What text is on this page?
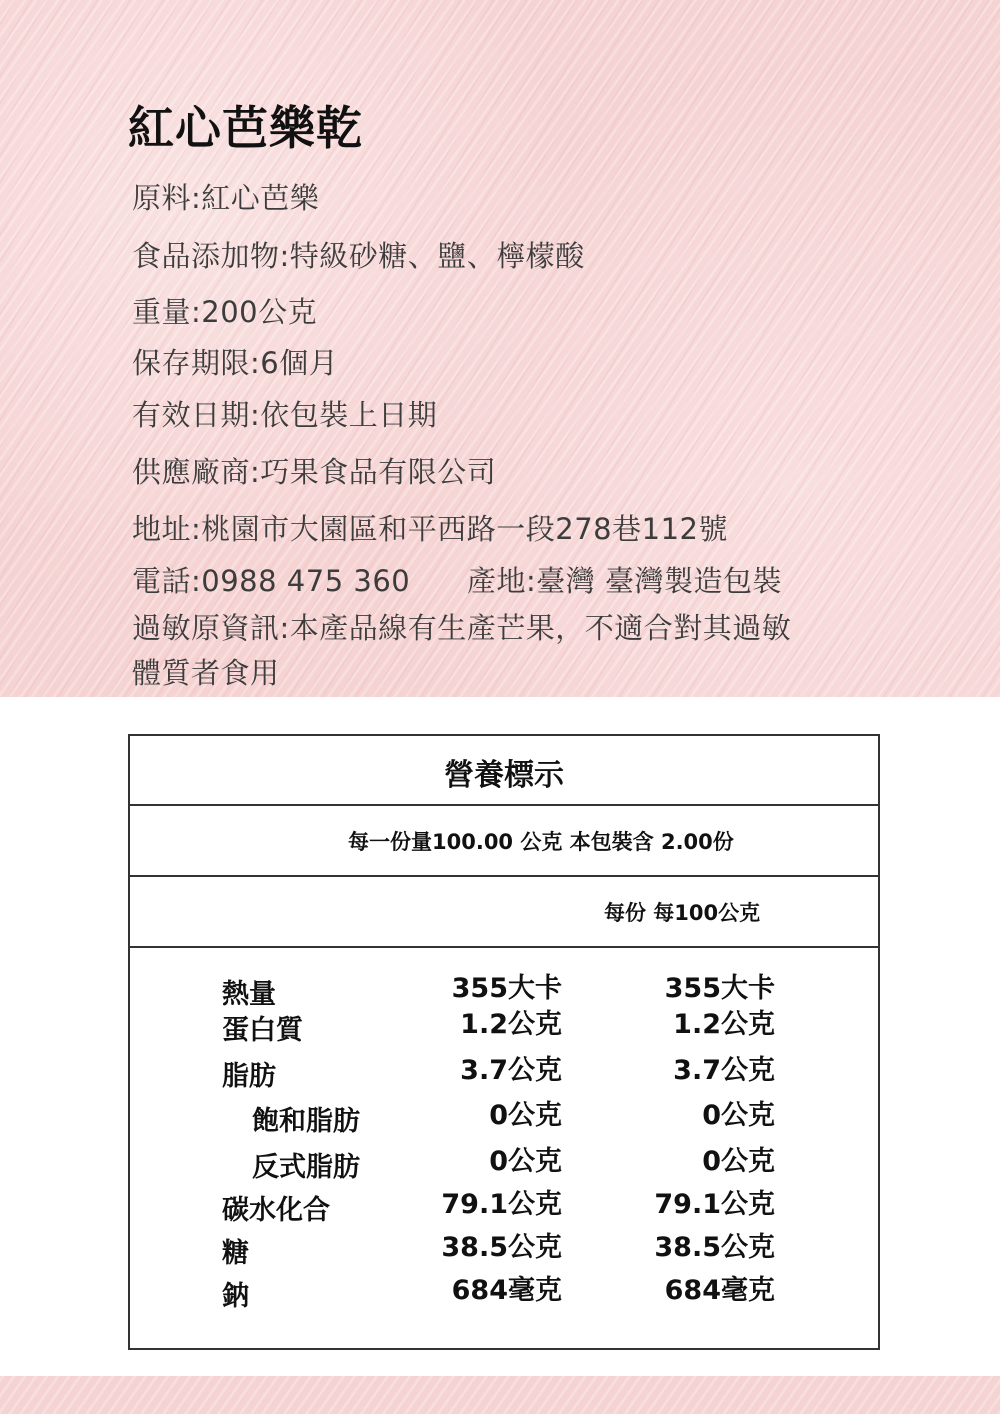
紅心芭樂乾
原料:紅心芭樂
食品添加物:特級砂糖、鹽、檸檬酸
重量:200公克
保存期限:6個月
有效日期:依包裝上日期
供應廠商:巧果食品有限公司
地址:桃園市大園區和平西路一段278巷112號
電話:0988 475 360 產地:臺灣 臺灣製造包裝
過敏原資訊:本產品線有生產芒果，不適合對其過敏
體質者食用
營養標示
每一份量100.00 公克 本包裝含 2.00份
每份 每100公克
熱量	355大卡	355大卡
蛋白質	1.2公克	1.2公克
脂肪	3.7公克	3.7公克
飽和脂肪	0公克	0公克
反式脂肪	0公克	0公克
碳水化合	79.1公克	79.1公克
糖	38.5公克	38.5公克
鈉	684毫克	684毫克
